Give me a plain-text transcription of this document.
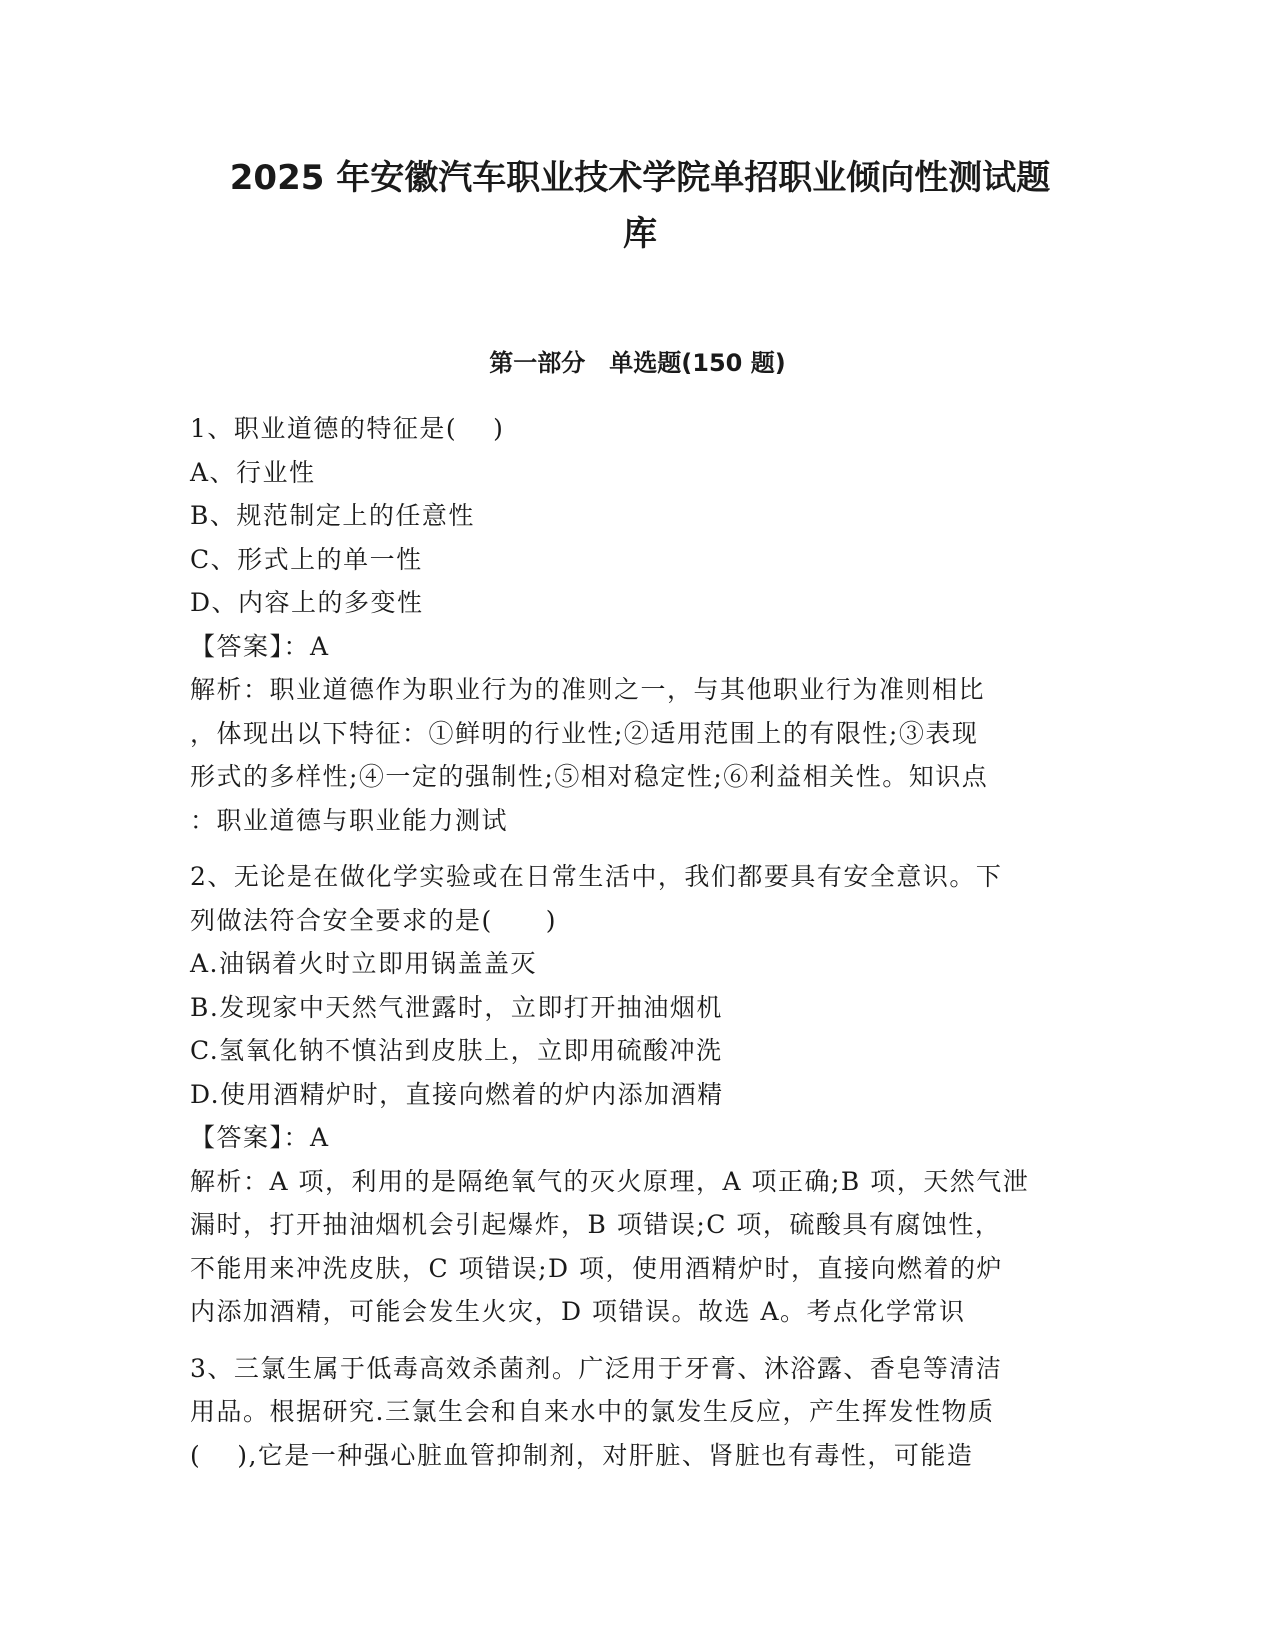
2025 年安徽汽车职业技术学院单招职业倾向性测试题
库
第一部分　单选题(150 题)
1、职业道德的特征是(　 )
A、行业性
B、规范制定上的任意性
C、形式上的单一性
D、内容上的多变性
【答案】：A
解析：职业道德作为职业行为的准则之一，与其他职业行为准则相比
，体现出以下特征：①鲜明的行业性;②适用范围上的有限性;③表现
形式的多样性;④一定的强制性;⑤相对稳定性;⑥利益相关性。知识点
：职业道德与职业能力测试
2、无论是在做化学实验或在日常生活中，我们都要具有安全意识。下
列做法符合安全要求的是(　　)
A.油锅着火时立即用锅盖盖灭
B.发现家中天然气泄露时，立即打开抽油烟机
C.氢氧化钠不慎沾到皮肤上，立即用硫酸冲洗
D.使用酒精炉时，直接向燃着的炉内添加酒精
【答案】：A
解析：A 项，利用的是隔绝氧气的灭火原理，A 项正确;B 项，天然气泄
漏时，打开抽油烟机会引起爆炸，B 项错误;C 项，硫酸具有腐蚀性，
不能用来冲洗皮肤，C 项错误;D 项，使用酒精炉时，直接向燃着的炉
内添加酒精，可能会发生火灾，D 项错误。故选 A。考点化学常识
3、三氯生属于低毒高效杀菌剂。广泛用于牙膏、沐浴露、香皂等清洁
用品。根据研究.三氯生会和自来水中的氯发生反应，产生挥发性物质
(　 ),它是一种强心脏血管抑制剂，对肝脏、肾脏也有毒性，可能造
